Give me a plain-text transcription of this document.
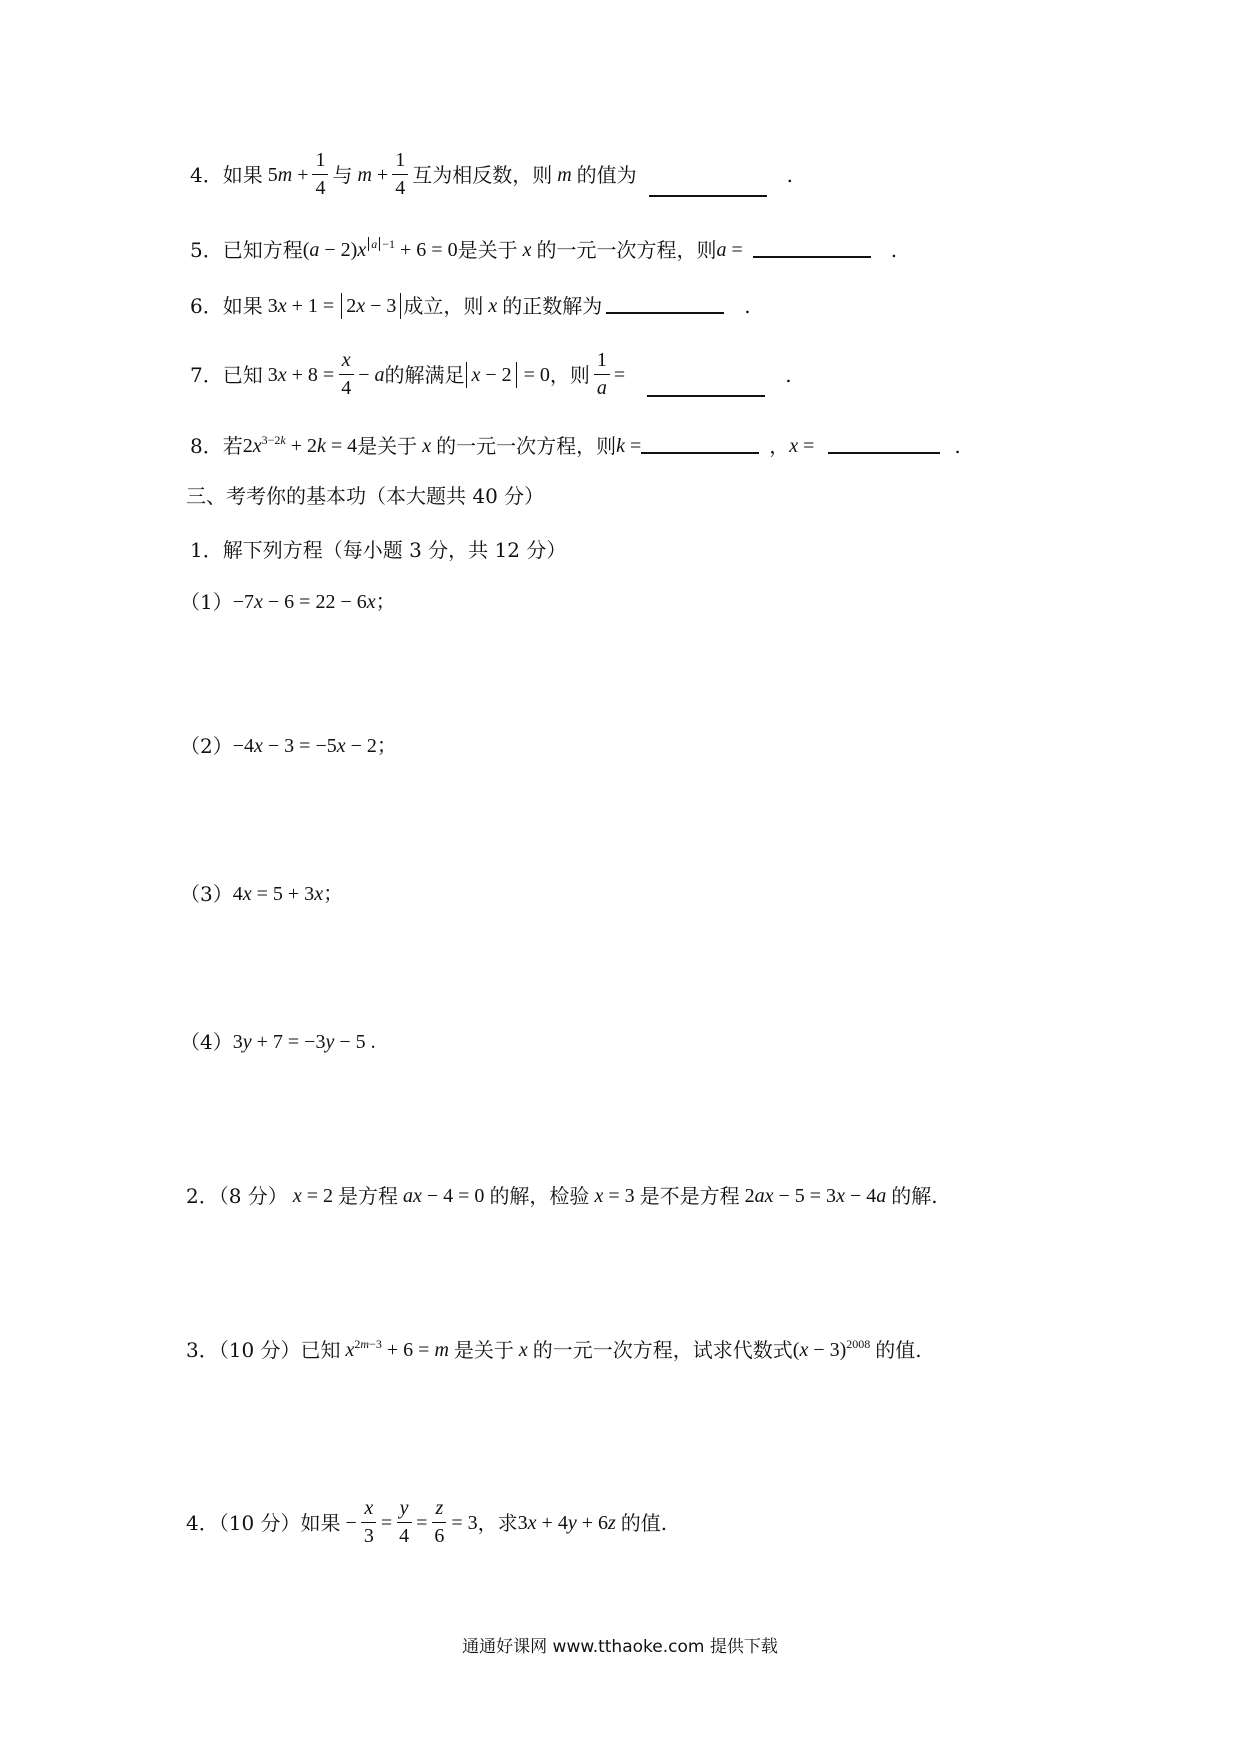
4． 如果 $5m + \frac{1}{4}$ 与 $m + \frac{1}{4}$ 互为相反数，则 m 的值为	.
5． 已知方程 (a − 2)x $^{a -1}$ + 6 = 0 是关于 x 的一元一次方程，则 a =	.
6． 如果 3x + 1 = 2x − 3 成立，则 x 的正数解为	.
7． 已知 $3x + 8 = \frac{x}{4} - a$ 的解满足 x − 2 = 0 ，则 $\frac{1}{a}$ =	.
8． 若 $2x^{3-2k} + 2k = 4$ 是关于 x 的一元一次方程，则 k =	， x =	.
三、考考你的基本功（本大题共 40 分）
1．解下列方程（每小题 3 分，共 12 分）
（1） −7x − 6 = 22 − 6x；
（2） −4x − 3 = −5x − 2；
（3） 4x = 5 + 3x；
（4） 3y + 7 = −3y − 5 .
2．（8 分） x = 2 是方程 ax − 4 = 0 的解，检验 x = 3 是不是方程 2ax − 5 = 3x − 4a 的解.
3．（10 分）已知 $x^{2m-3} + 6 = m$ 是关于 x 的一元一次方程，试求代数式 $(x - 3)^{2008}$ 的值.
4．（10 分）如果 − $\frac{x}{3} = \frac{y}{4} = \frac{z}{6} = 3$ ，求 3x + 4y + 6z 的值.
通通好课网 www.tthaoke.com 提供下载
